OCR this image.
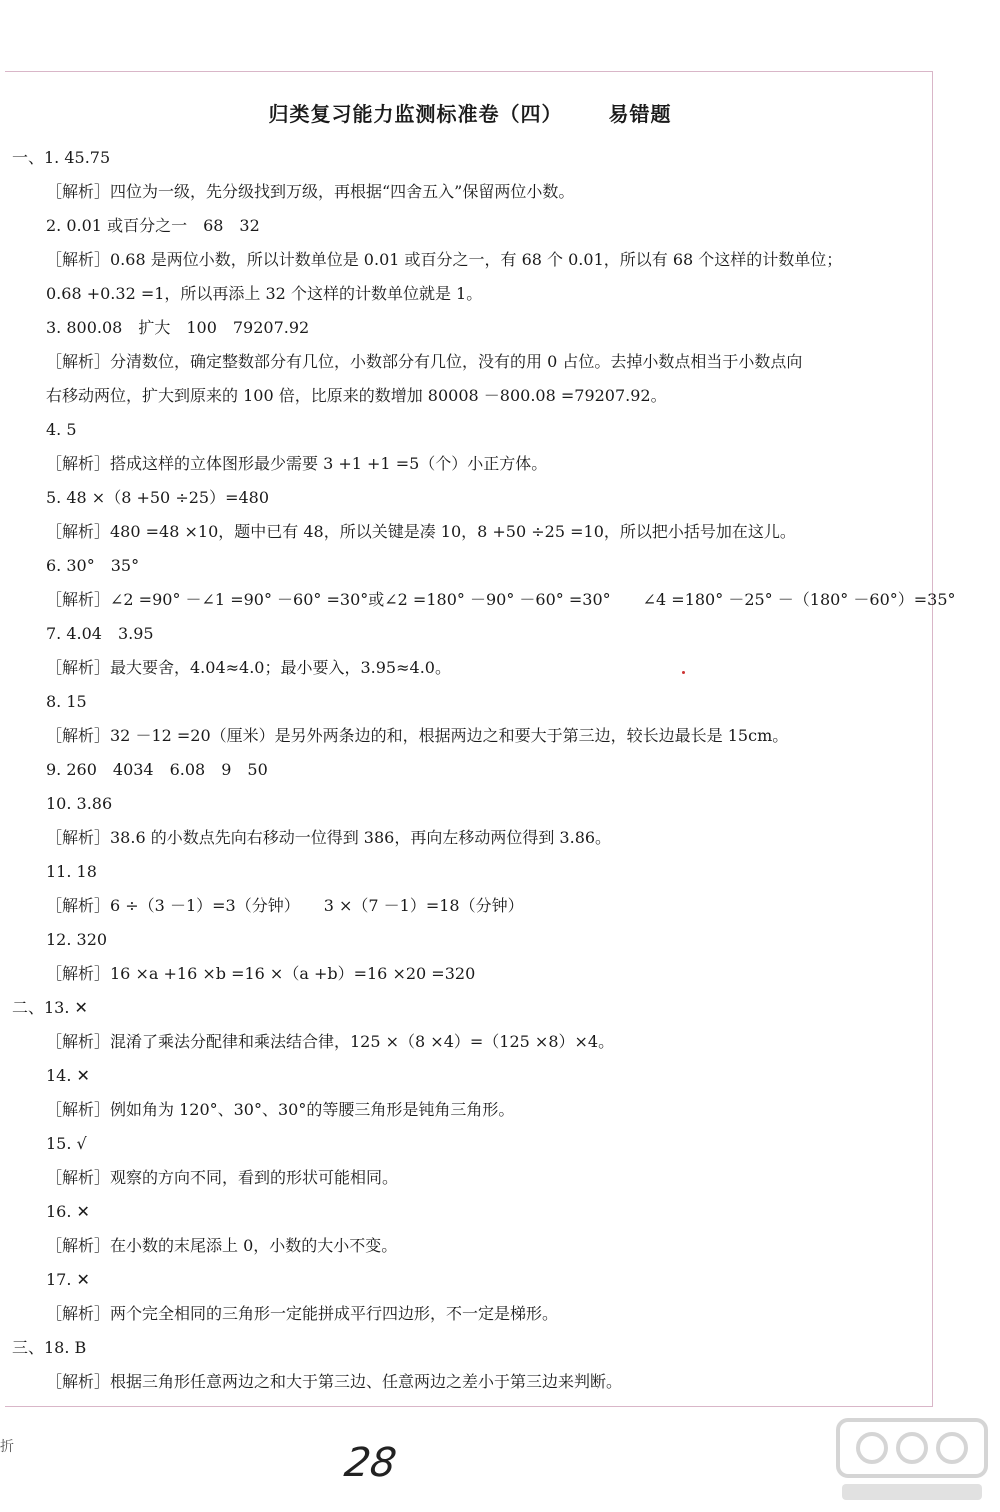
归类复习能力监测标准卷（四） 易错题
一、1. 45.75
［解析］四位为一级，先分级找到万级，再根据“四舍五入”保留两位小数。
2. 0.01 或百分之一　68　32
［解析］0.68 是两位小数，所以计数单位是 0.01 或百分之一，有 68 个 0.01，所以有 68 个这样的计数单位；
0.68 +0.32 =1，所以再添上 32 个这样的计数单位就是 1。
3. 800.08　扩大　100　79207.92
［解析］分清数位，确定整数部分有几位，小数部分有几位，没有的用 0 占位。去掉小数点相当于小数点向
右移动两位，扩大到原来的 100 倍，比原来的数增加 80008 －800.08 =79207.92。
4. 5
［解析］搭成这样的立体图形最少需要 3 +1 +1 =5（个）小正方体。
5. 48 ×（8 +50 ÷25）=480
［解析］480 =48 ×10，题中已有 48，所以关键是凑 10，8 +50 ÷25 =10，所以把小括号加在这儿。
6. 30°　35°
［解析］∠2 =90° －∠1 =90° －60° =30°或∠2 =180° －90° －60° =30°　　∠4 =180° －25° －（180° －60°）=35°
7. 4.04　3.95
［解析］最大要舍，4.04≈4.0；最小要入，3.95≈4.0。
8. 15
［解析］32 －12 =20（厘米）是另外两条边的和，根据两边之和要大于第三边，较长边最长是 15cm。
9. 260　4034　6.08　9　50
10. 3.86
［解析］38.6 的小数点先向右移动一位得到 386，再向左移动两位得到 3.86。
11. 18
［解析］6 ÷（3 －1）=3（分钟）　　3 ×（7 －1）=18（分钟）
12. 320
［解析］16 ×a +16 ×b =16 ×（a +b）=16 ×20 =320
二、13. ✕
［解析］混淆了乘法分配律和乘法结合律，125 ×（8 ×4）=（125 ×8）×4。
14. ✕
［解析］例如角为 120°、30°、30°的等腰三角形是钝角三角形。
15. √
［解析］观察的方向不同，看到的形状可能相同。
16. ✕
［解析］在小数的末尾添上 0，小数的大小不变。
17. ✕
［解析］两个完全相同的三角形一定能拼成平行四边形，不一定是梯形。
三、18. B
［解析］根据三角形任意两边之和大于第三边、任意两边之差小于第三边来判断。
折	28
